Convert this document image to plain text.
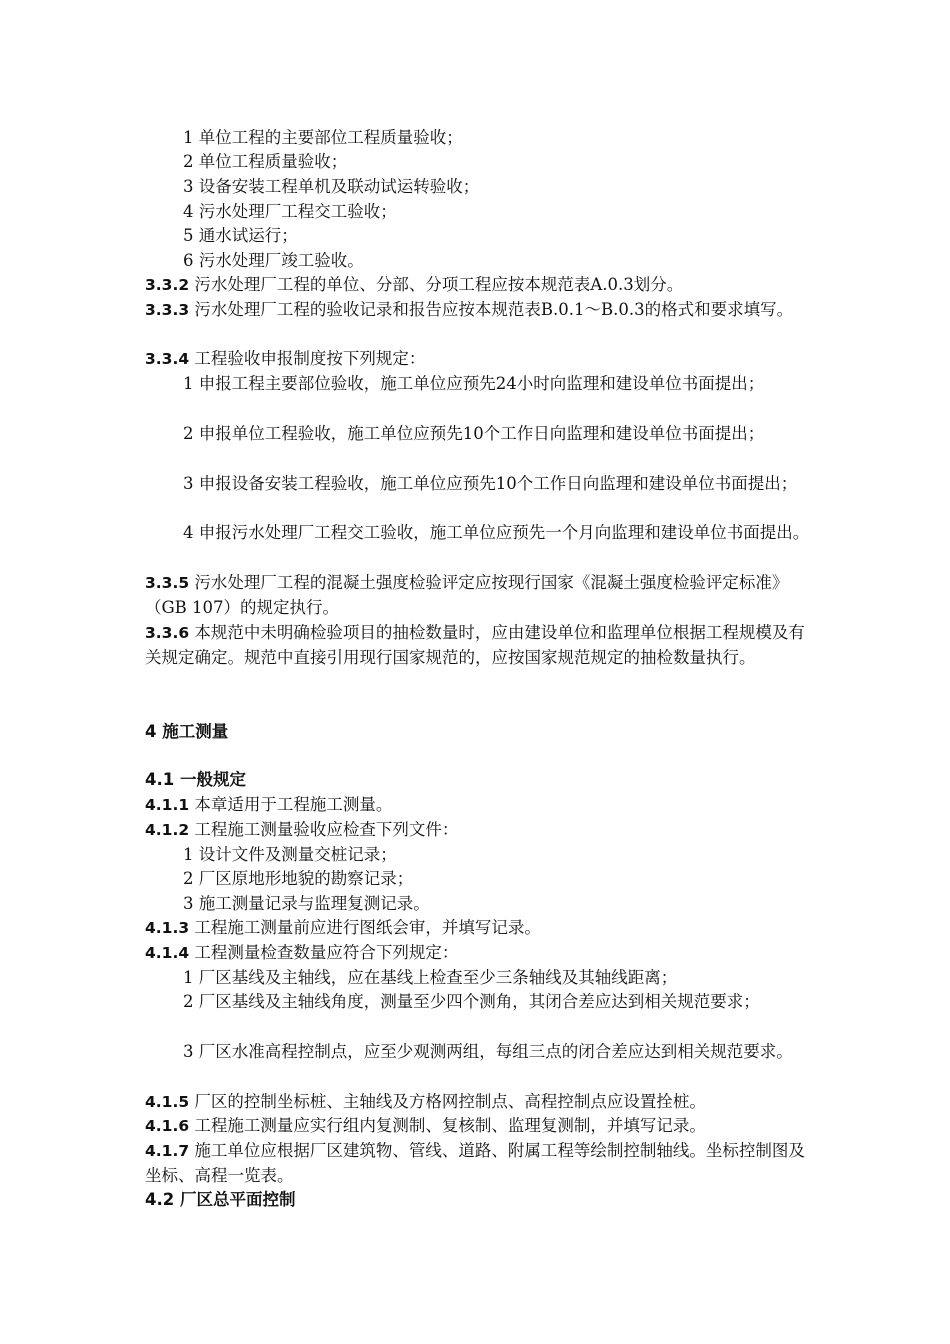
1 单位工程的主要部位工程质量验收；

2 单位工程质量验收；

3 设备安装工程单机及联动试运转验收；

4 污水处理厂工程交工验收；

5 通水试运行；

6 污水处理厂竣工验收。

3.3.2 污水处理厂工程的单位、分部、分项工程应按本规范表A.0.3划分。

3.3.3 污水处理厂工程的验收记录和报告应按本规范表B.0.1～B.0.3的格式和要求填写。

3.3.4 工程验收申报制度按下列规定：

1 申报工程主要部位验收，施工单位应预先24小时向监理和建设单位书面提出；

2 申报单位工程验收，施工单位应预先10个工作日向监理和建设单位书面提出；

3 申报设备安装工程验收，施工单位应预先10个工作日向监理和建设单位书面提出；

4 申报污水处理厂工程交工验收，施工单位应预先一个月向监理和建设单位书面提出。

3.3.5 污水处理厂工程的混凝土强度检验评定应按现行国家《混凝土强度检验评定标准》（GB 107）的规定执行。

3.3.6 本规范中未明确检验项目的抽检数量时，应由建设单位和监理单位根据工程规模及有关规定确定。规范中直接引用现行国家规范的，应按国家规范规定的抽检数量执行。

4 施工测量

4.1 一般规定

4.1.1 本章适用于工程施工测量。

4.1.2 工程施工测量验收应检查下列文件：

1 设计文件及测量交桩记录；

2 厂区原地形地貌的勘察记录；

3 施工测量记录与监理复测记录。

4.1.3 工程施工测量前应进行图纸会审，并填写记录。

4.1.4 工程测量检查数量应符合下列规定：

1 厂区基线及主轴线，应在基线上检查至少三条轴线及其轴线距离；

2 厂区基线及主轴线角度，测量至少四个测角，其闭合差应达到相关规范要求；

3 厂区水准高程控制点，应至少观测两组，每组三点的闭合差应达到相关规范要求。

4.1.5 厂区的控制坐标桩、主轴线及方格网控制点、高程控制点应设置拴桩。

4.1.6 工程施工测量应实行组内复测制、复核制、监理复测制，并填写记录。

4.1.7 施工单位应根据厂区建筑物、管线、道路、附属工程等绘制控制轴线。坐标控制图及坐标、高程一览表。

4.2 厂区总平面控制
